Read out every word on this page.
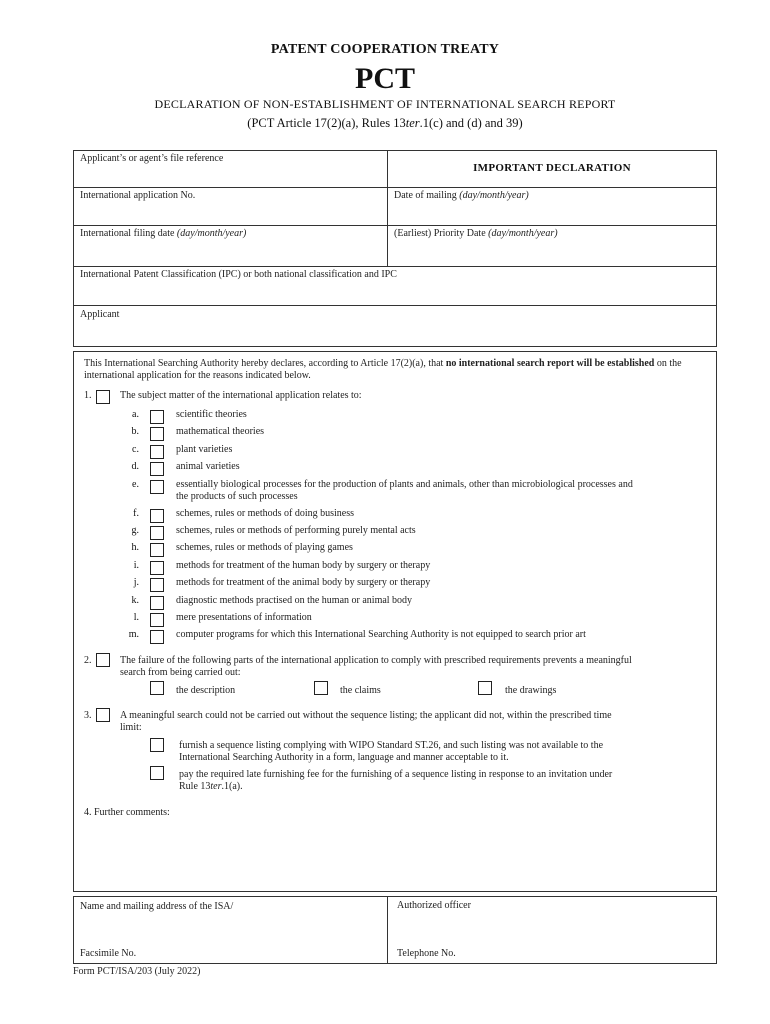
PATENT COOPERATION TREATY
PCT
DECLARATION OF NON-ESTABLISHMENT OF INTERNATIONAL SEARCH REPORT
(PCT Article 17(2)(a), Rules 13ter.1(c) and (d) and 39)
Applicant’s or agent’s file reference
IMPORTANT DECLARATION
International application No.	Date of mailing (day/month/year)
International filing date (day/month/year)	(Earliest) Priority Date (day/month/year)
International Patent Classification (IPC) or both national classification and IPC
Applicant
This International Searching Authority hereby declares, according to Article 17(2)(a), that no international search report will be established on the international application for the reasons indicated below.
1.	The subject matter of the international application relates to:
a.	scientific theories
b.	mathematical theories
c.	plant varieties
d.	animal varieties
e.	essentially biological processes for the production of plants and animals, other than microbiological processes and
the products of such processes
f.	schemes, rules or methods of doing business
g.	schemes, rules or methods of performing purely mental acts
h.	schemes, rules or methods of playing games
i.	methods for treatment of the human body by surgery or therapy
j.	methods for treatment of the animal body by surgery or therapy
k.	diagnostic methods practised on the human or animal body
l.	mere presentations of information
m.	computer programs for which this International Searching Authority is not equipped to search prior art
2.	The failure of the following parts of the international application to comply with prescribed requirements prevents a meaningful
search from being carried out:
the description	the claims	the drawings
3.	A meaningful search could not be carried out without the sequence listing; the applicant did not, within the prescribed time
limit:
furnish a sequence listing complying with WIPO Standard ST.26, and such listing was not available to the
International Searching Authority in a form, language and manner acceptable to it.
pay the required late furnishing fee for the furnishing of a sequence listing in response to an invitation under
Rule 13ter.1(a).
4. Further comments:
Name and mailing address of the ISA/	Authorized officer
Facsimile No.	Telephone No.
Form PCT/ISA/203 (July 2022)
